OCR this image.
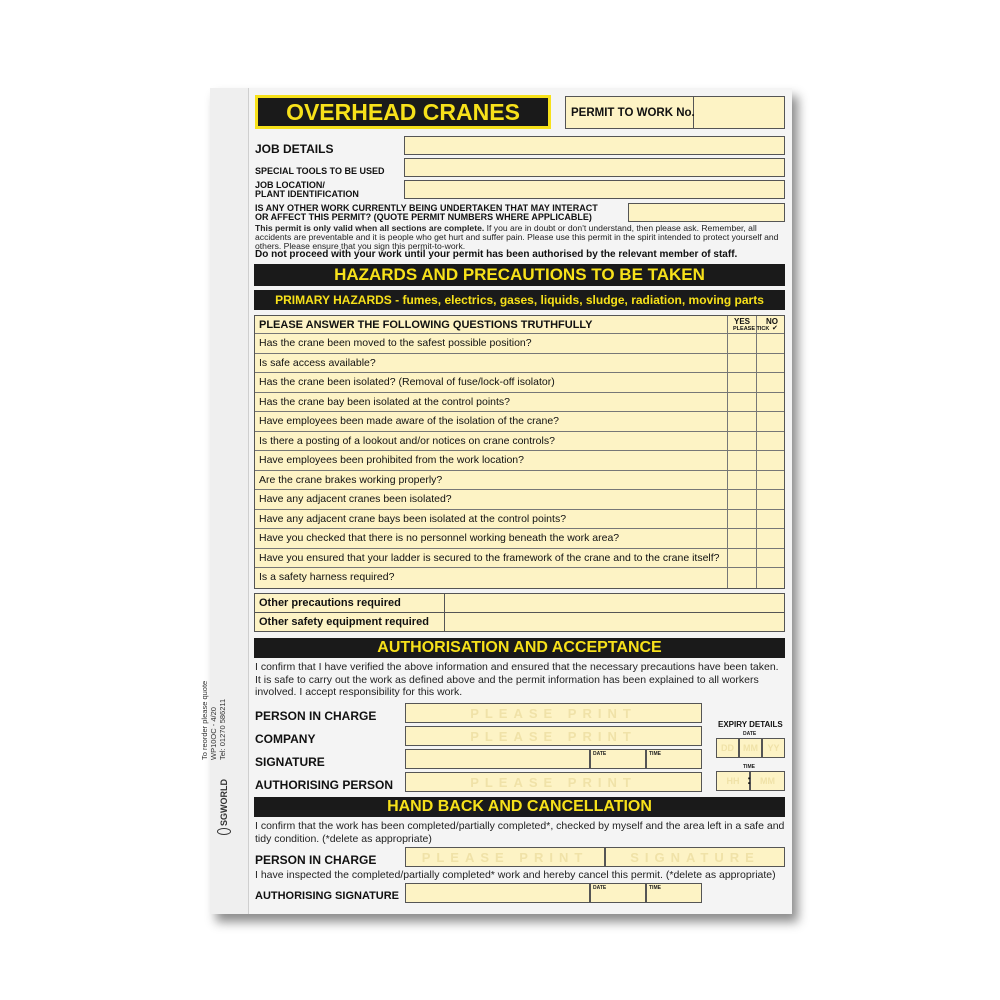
To reorder please quote WP10OC - 4/20 Tel: 01270 586211
SGWORLD
OVERHEAD CRANES	PERMIT TO WORK No.
JOB DETAILS
SPECIAL TOOLS TO BE USED
JOB LOCATION/
PLANT IDENTIFICATION
IS ANY OTHER WORK CURRENTLY BEING UNDERTAKEN THAT MAY INTERACT
OR AFFECT THIS PERMIT? (QUOTE PERMIT NUMBERS WHERE APPLICABLE)
This permit is only valid when all sections are complete. If you are in doubt or don't understand, then please ask. Remember, all accidents are preventable and it is people who get hurt and suffer pain. Please use this permit in the spirit intended to protect yourself and others. Please ensure that you sign this permit-to-work.
Do not proceed with your work until your permit has been authorised by the relevant member of staff.
HAZARDS AND PRECAUTIONS TO BE TAKEN
PRIMARY HAZARDS - fumes, electrics, gases, liquids, sludge, radiation, moving parts
PLEASE ANSWER THE FOLLOWING QUESTIONS TRUTHFULLY	YES NO
PLEASE TICK ✔
Has the crane been moved to the safest possible position?
Is safe access available?
Has the crane been isolated? (Removal of fuse/lock-off isolator)
Has the crane bay been isolated at the control points?
Have employees been made aware of the isolation of the crane?
Is there a posting of a lookout and/or notices on crane controls?
Have employees been prohibited from the work location?
Are the crane brakes working properly?
Have any adjacent cranes been isolated?
Have any adjacent crane bays been isolated at the control points?
Have you checked that there is no personnel working beneath the work area?
Have you ensured that your ladder is secured to the framework of the crane and to the crane itself?
Is a safety harness required?
Other precautions required
Other safety equipment required
AUTHORISATION AND ACCEPTANCE
I confirm that I have verified the above information and ensured that the necessary precautions have been taken. It is safe to carry out the work as defined above and the permit information has been explained to all workers involved. I accept responsibility for this work.
PERSON IN CHARGE	PLEASE PRINT
COMPANY	PLEASE PRINT
SIGNATURE
DATE	TIME
AUTHORISING PERSON	PLEASE PRINT
EXPIRY DETAILS
DATE
DD	MM	YY
TIME
HH	MM
:
HAND BACK AND CANCELLATION
I confirm that the work has been completed/partially completed*, checked by myself and the area left in a safe and tidy condition. (*delete as appropriate)
PERSON IN CHARGE	PLEASE PRINT	SIGNATURE
I have inspected the completed/partially completed* work and hereby cancel this permit. (*delete as appropriate)
AUTHORISING SIGNATURE
DATE	TIME
